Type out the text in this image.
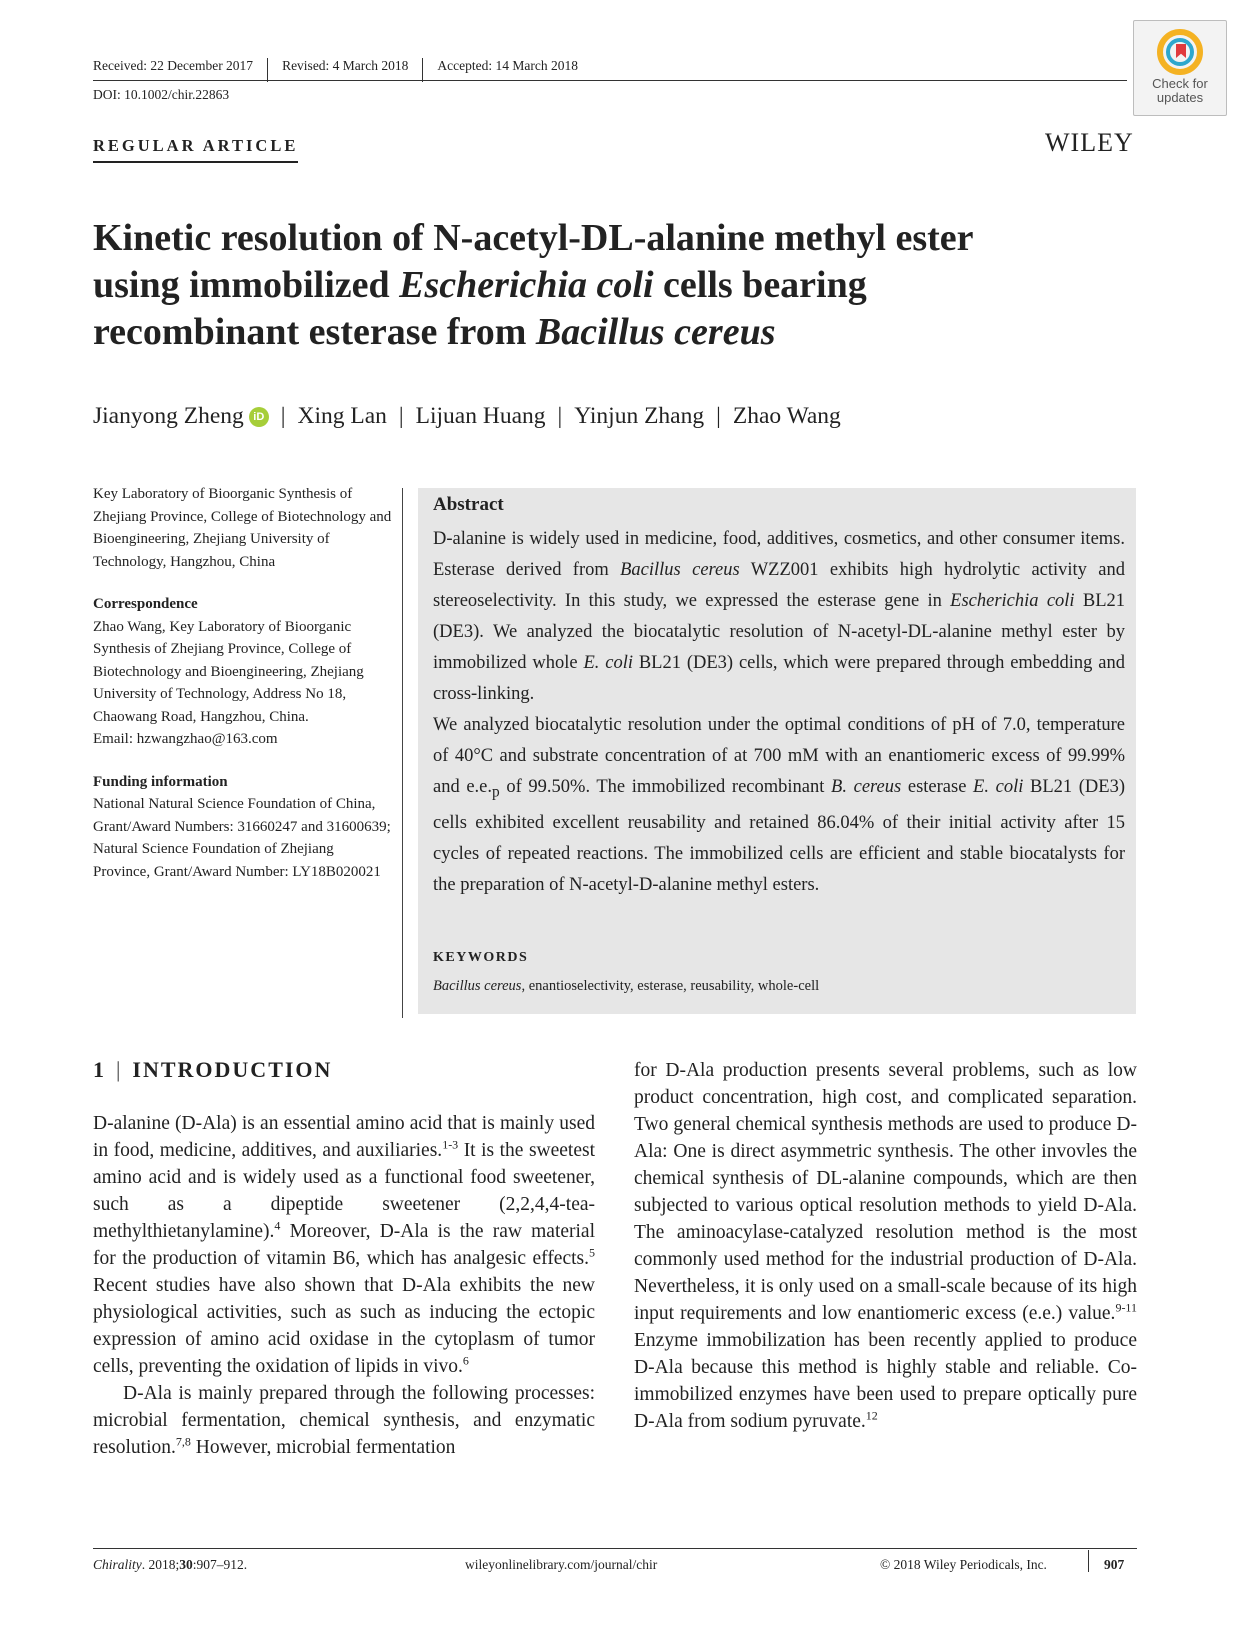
Received: 22 December 2017	Revised: 4 March 2018	Accepted: 14 March 2018
DOI: 10.1002/chir.22863
Check for
updates
REGULAR ARTICLE	WILEY
Kinetic resolution of N-acetyl-DL-alanine methyl ester
using immobilized Escherichia coli cells bearing
recombinant esterase from Bacillus cereus
Jianyong Zheng iD | Xing Lan | Lijuan Huang | Yinjun Zhang | Zhao Wang
Key Laboratory of Bioorganic Synthesis of Zhejiang Province, College of Biotechnology and Bioengineering, Zhejiang University of Technology, Hangzhou, China
Correspondence
Zhao Wang, Key Laboratory of Bioorganic Synthesis of Zhejiang Province, College of Biotechnology and Bioengineering, Zhejiang University of Technology, Address No 18, Chaowang Road, Hangzhou, China.
Email: hzwangzhao@163.com
Funding information
National Natural Science Foundation of China, Grant/Award Numbers: 31660247 and 31600639; Natural Science Foundation of Zhejiang Province, Grant/Award Number: LY18B020021
Abstract

D-alanine is widely used in medicine, food, additives, cosmetics, and other consumer items. Esterase derived from Bacillus cereus WZZ001 exhibits high hydrolytic activity and stereoselectivity. In this study, we expressed the esterase gene in Escherichia coli BL21 (DE3). We analyzed the biocatalytic resolution of N-acetyl-DL-alanine methyl ester by immobilized whole E. coli BL21 (DE3) cells, which were prepared through embedding and cross-linking.

We analyzed biocatalytic resolution under the optimal conditions of pH of 7.0, temperature of 40°C and substrate concentration of at 700 mM with an enantiomeric excess of 99.99% and $e.e._p$ of 99.50%. The immobilized recombinant B. cereus esterase E. coli BL21 (DE3) cells exhibited excellent reusability and retained 86.04% of their initial activity after 15 cycles of repeated reactions. The immobilized cells are efficient and stable biocatalysts for the preparation of N-acetyl-D-alanine methyl esters.

KEYWORDS
Bacillus cereus, enantioselectivity, esterase, reusability, whole-cell
1 | INTRODUCTION

D-alanine (D-Ala) is an essential amino acid that is mainly used in food, medicine, additives, and auxiliaries.$^{1-3}$ It is the sweetest amino acid and is widely used as a functional food sweetener, such as a dipeptide sweetener (2,2,4,4-tea-methylthietanylamine).$^4$ Moreover, D-Ala is the raw material for the production of vitamin B6, which has analgesic effects.$^5$ Recent studies have also shown that D-Ala exhibits the new physiological activities, such as such as inducing the ectopic expression of amino acid oxidase in the cytoplasm of tumor cells, preventing the oxidation of lipids in vivo.$^6$

D-Ala is mainly prepared through the following processes: microbial fermentation, chemical synthesis, and enzymatic resolution.$^{7,8}$ However, microbial fermentation

for D-Ala production presents several problems, such as low product concentration, high cost, and complicated separation. Two general chemical synthesis methods are used to produce D-Ala: One is direct asymmetric synthesis. The other invovles the chemical synthesis of DL-alanine compounds, which are then subjected to various optical resolution methods to yield D-Ala. The aminoacylase-catalyzed resolution method is the most commonly used method for the industrial production of D-Ala. Nevertheless, it is only used on a small-scale because of its high input requirements and low enantiomeric excess (e.e.) value.$^{9-11}$ Enzyme immobilization has been recently applied to produce D-Ala because this method is highly stable and reliable. Co-immobilized enzymes have been used to prepare optically pure D-Ala from sodium pyruvate.$^{12}$

Chirality. 2018;30:907–912.	wileyonlinelibrary.com/journal/chir	© 2018 Wiley Periodicals, Inc.	907
